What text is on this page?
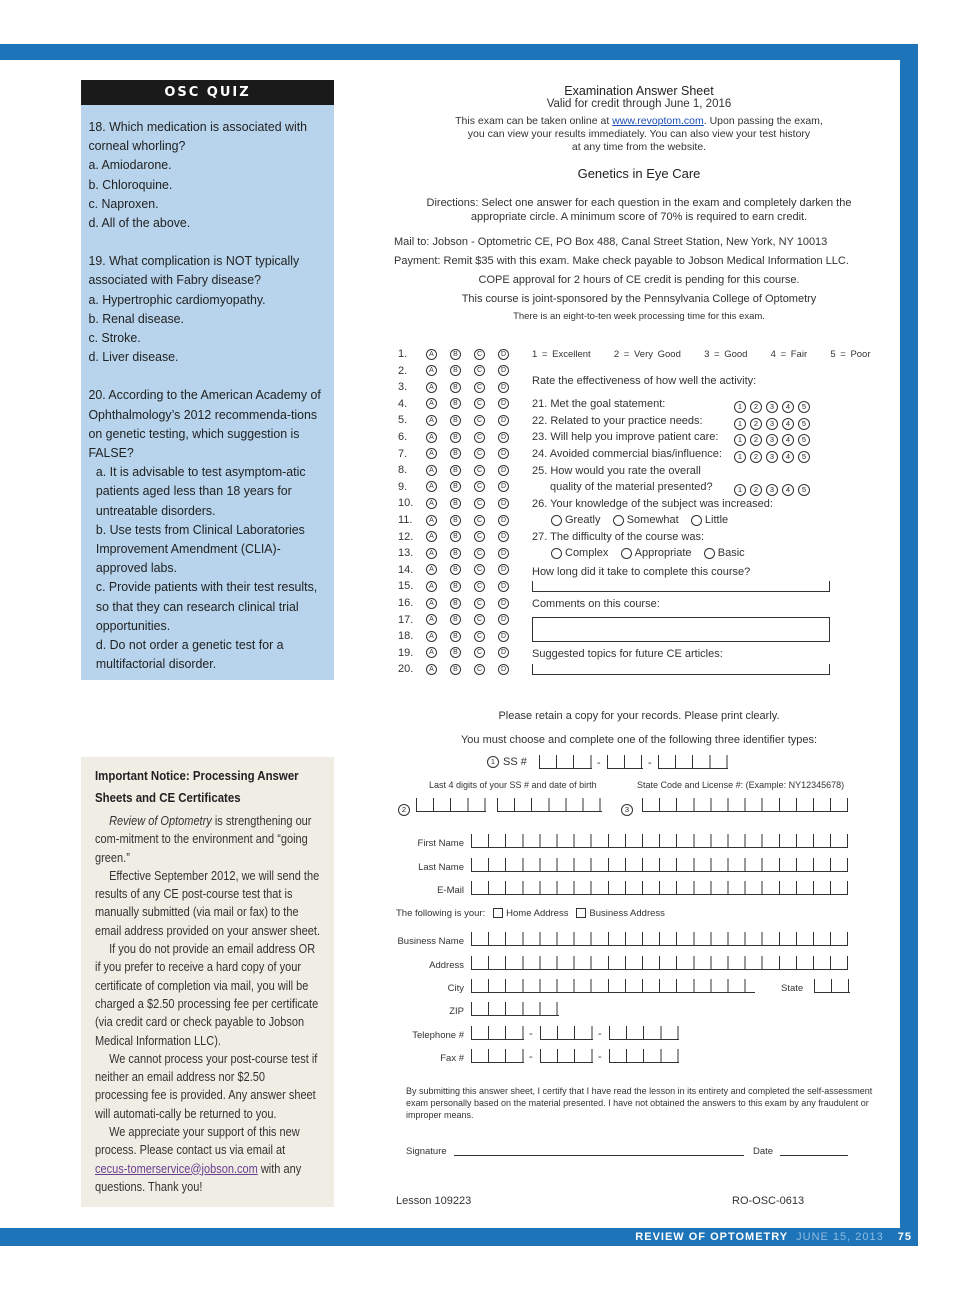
REVIEW OF OPTOMETRY JUNE 15, 2013 75
OSC QUIZ
18. Which medication is associated with corneal whorling?
a. Amiodarone.
b. Chloroquine.
c. Naproxen.
d. All of the above.
19. What complication is NOT typically associated with Fabry disease?
a. Hypertrophic cardiomyopathy.
b. Renal disease.
c. Stroke.
d. Liver disease.
20. According to the American Academy of Ophthalmology’s 2012 recommenda-tions on genetic testing, which suggestion is FALSE?
a. It is advisable to test asymptom-atic patients aged less than 18 years for untreatable disorders.
b. Use tests from Clinical Laboratories Improvement Amendment (CLIA)-approved labs.
c. Provide patients with their test results, so that they can research clinical trial opportunities.
d. Do not order a genetic test for a multifactorial disorder.
Important Notice: Processing Answer Sheets and CE Certificates

Review of Optometry is strengthening our com-mitment to the environment and “going green.”

Effective September 2012, we will send the results of any CE post-course test that is manually submitted (via mail or fax) to the email address provided on your answer sheet.

If you do not provide an email address OR if you prefer to receive a hard copy of your certificate of completion via mail, you will be charged a $2.50 processing fee per certificate (via credit card or check payable to Jobson Medical Information LLC).

We cannot process your post-course test if neither an email address nor $2.50 processing fee is provided. Any answer sheet will automati-cally be returned to you.

We appreciate your support of this new process. Please contact us via email at cecus-tomerservice@jobson.com with any questions. Thank you!

Examination Answer Sheet
Valid for credit through June 1, 2016
This exam can be taken online at www.revoptom.com. Upon passing the exam,
you can view your results immediately. You can also view your test history
at any time from the website.
Genetics in Eye Care
Directions: Select one answer for each question in the exam and completely darken the
appropriate circle. A minimum score of 70% is required to earn credit.
Mail to: Jobson - Optometric CE, PO Box 488, Canal Street Station, New York, NY 10013
Payment: Remit $35 with this exam. Make check payable to Jobson Medical Information LLC.
COPE approval for 2 hours of CE credit is pending for this course.
This course is joint-sponsored by the Pennsylvania College of Optometry
There is an eight-to-ten week processing time for this exam.
1.	A	B	C	D
2.	A	B	C	D
3.	A	B	C	D
4.	A	B	C	D
5.	A	B	C	D
6.	A	B	C	D
7.	A	B	C	D
8.	A	B	C	D
9.	A	B	C	D
10. A	B	C	D
11. A	B	C	D
12. A	B	C	D
13. A	B	C	D
14. A	B	C	D
15. A	B	C	D
16. A	B	C	D
17. A	B	C	D
18. A	B	C	D
19. A	B	C	D
20. A	B	C	D
1 = Excellent 2 = Very Good 3 = Good 4 = Fair 5 = Poor
Rate the effectiveness of how well the activity:
21. Met the goal statement:	1 2 3 4 5
22. Related to your practice needs:	1 2 3 4 5
23. Will help you improve patient care:	1 2 3 4 5
24. Avoided commercial bias/influence:	1 2 3 4 5
25. How would you rate the overall
quality of the material presented?	1 2 3 4 5
26. Your knowledge of the subject was increased:
Greatly Somewhat Little
27. The difficulty of the course was:
Complex Appropriate Basic
How long did it take to complete this course?
Comments on this course:
Suggested topics for future CE articles:
Please retain a copy for your records. Please print clearly.
You must choose and complete one of the following three identifier types:
1 SS #	-	-
Last 4 digits of your SS # and date of birth	State Code and License #: (Example: NY12345678)
2	3
First Name
Last Name
E-Mail
The following is your: Home Address Business Address
Business Name
Address
City	State
ZIP
Telephone #	-	-
Fax #	-	-
By submitting this answer sheet, I certify that I have read the lesson in its entirety and completed the self-assessment exam personally based on the material presented. I have not obtained the answers to this exam by any fraudulent or improper means.
Signature	Date
Lesson 109223	RO-OSC-0613
